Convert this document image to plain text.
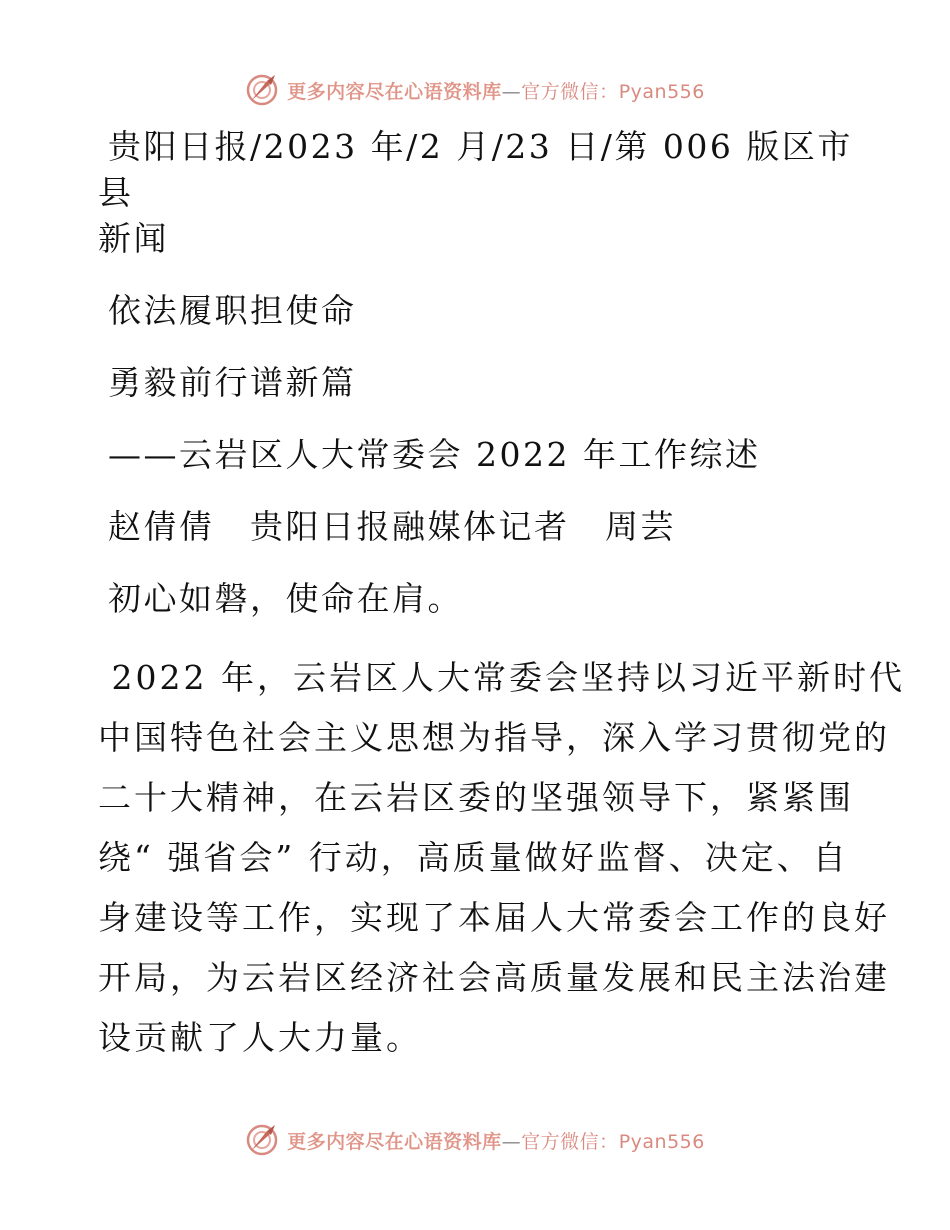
更多内容尽在心语资料库—官方微信：Pyan556
贵阳日报/2023 年/2 月/23 日/第 006 版区市县
新闻
依法履职担使命
勇毅前行谱新篇
——云岩区人大常委会 2022 年工作综述
赵倩倩　贵阳日报融媒体记者　周芸
初心如磐，使命在肩。
2022 年，云岩区人大常委会坚持以习近平新时代
中国特色社会主义思想为指导，深入学习贯彻党的
二十大精神，在云岩区委的坚强领导下，紧紧围
绕“ 强省会” 行动，高质量做好监督、决定、自
身建设等工作，实现了本届人大常委会工作的良好
开局，为云岩区经济社会高质量发展和民主法治建
设贡献了人大力量。
更多内容尽在心语资料库—官方微信：Pyan556
